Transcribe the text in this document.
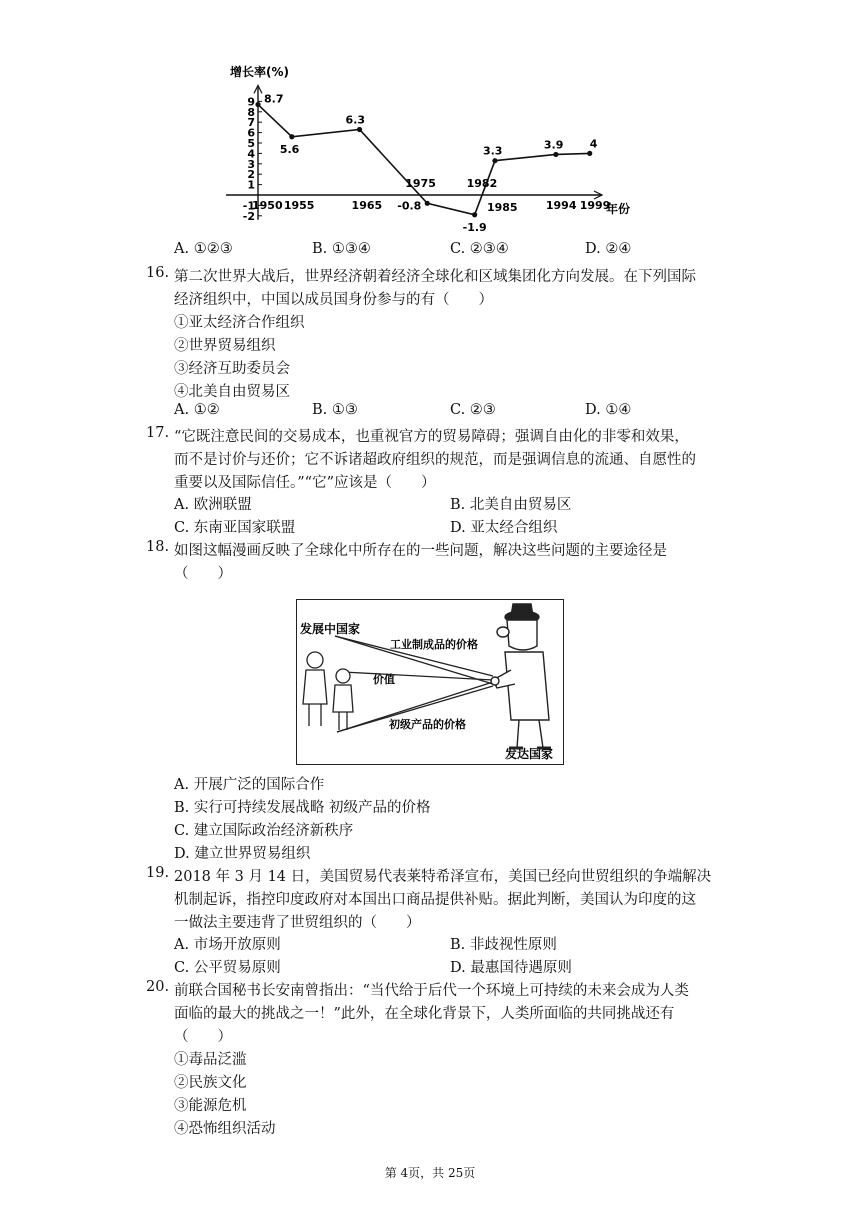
增长率(%)
年份
9
8
7
6
5
4
3
2
1
-1
-2
8.7
1950
5.6
1955
6.3
1965 -0.8
1975
-1.9
1982
3.3
1985
3.9
1994
4
1999
A. ①②③	B. ①③④	C. ②③④	D. ②④
16. 第二次世界大战后，世界经济朝着经济全球化和区域集团化方向发展。在下列国际
经济组织中，中国以成员国身份参与的有（　　）
①亚太经济合作组织
②世界贸易组织
③经济互助委员会
④北美自由贸易区
A. ①②	B. ①③	C. ②③	D. ①④
17. “它既注意民间的交易成本，也重视官方的贸易障碍；强调自由化的非零和效果，
而不是讨价与还价；它不诉诸超政府组织的规范，而是强调信息的流通、自愿性的
重要以及国际信任。”“它”应该是（　　）
A. 欧洲联盟	B. 北美自由贸易区
C. 东南亚国家联盟	D. 亚太经合组织
18. 如图这幅漫画反映了全球化中所存在的一些问题，解决这些问题的主要途径是
（　　）
发展中国家
工业制成品的价格
价值
初级产品的价格
发达国家
A. 开展广泛的国际合作
B. 实行可持续发展战略 初级产品的价格
C. 建立国际政治经济新秩序
D. 建立世界贸易组织
19. 2018 年 3 月 14 日，美国贸易代表莱特希泽宣布，美国已经向世贸组织的争端解决
机制起诉，指控印度政府对本国出口商品提供补贴。据此判断，美国认为印度的这
一做法主要违背了世贸组织的（　　）
A. 市场开放原则	B. 非歧视性原则
C. 公平贸易原则	D. 最惠国待遇原则
20. 前联合国秘书长安南曾指出：“当代给于后代一个环境上可持续的未来会成为人类
面临的最大的挑战之一！”此外，在全球化背景下，人类所面临的共同挑战还有
（　　）
①毒品泛滥
②民族文化
③能源危机
④恐怖组织活动
第 4页，共 25页
